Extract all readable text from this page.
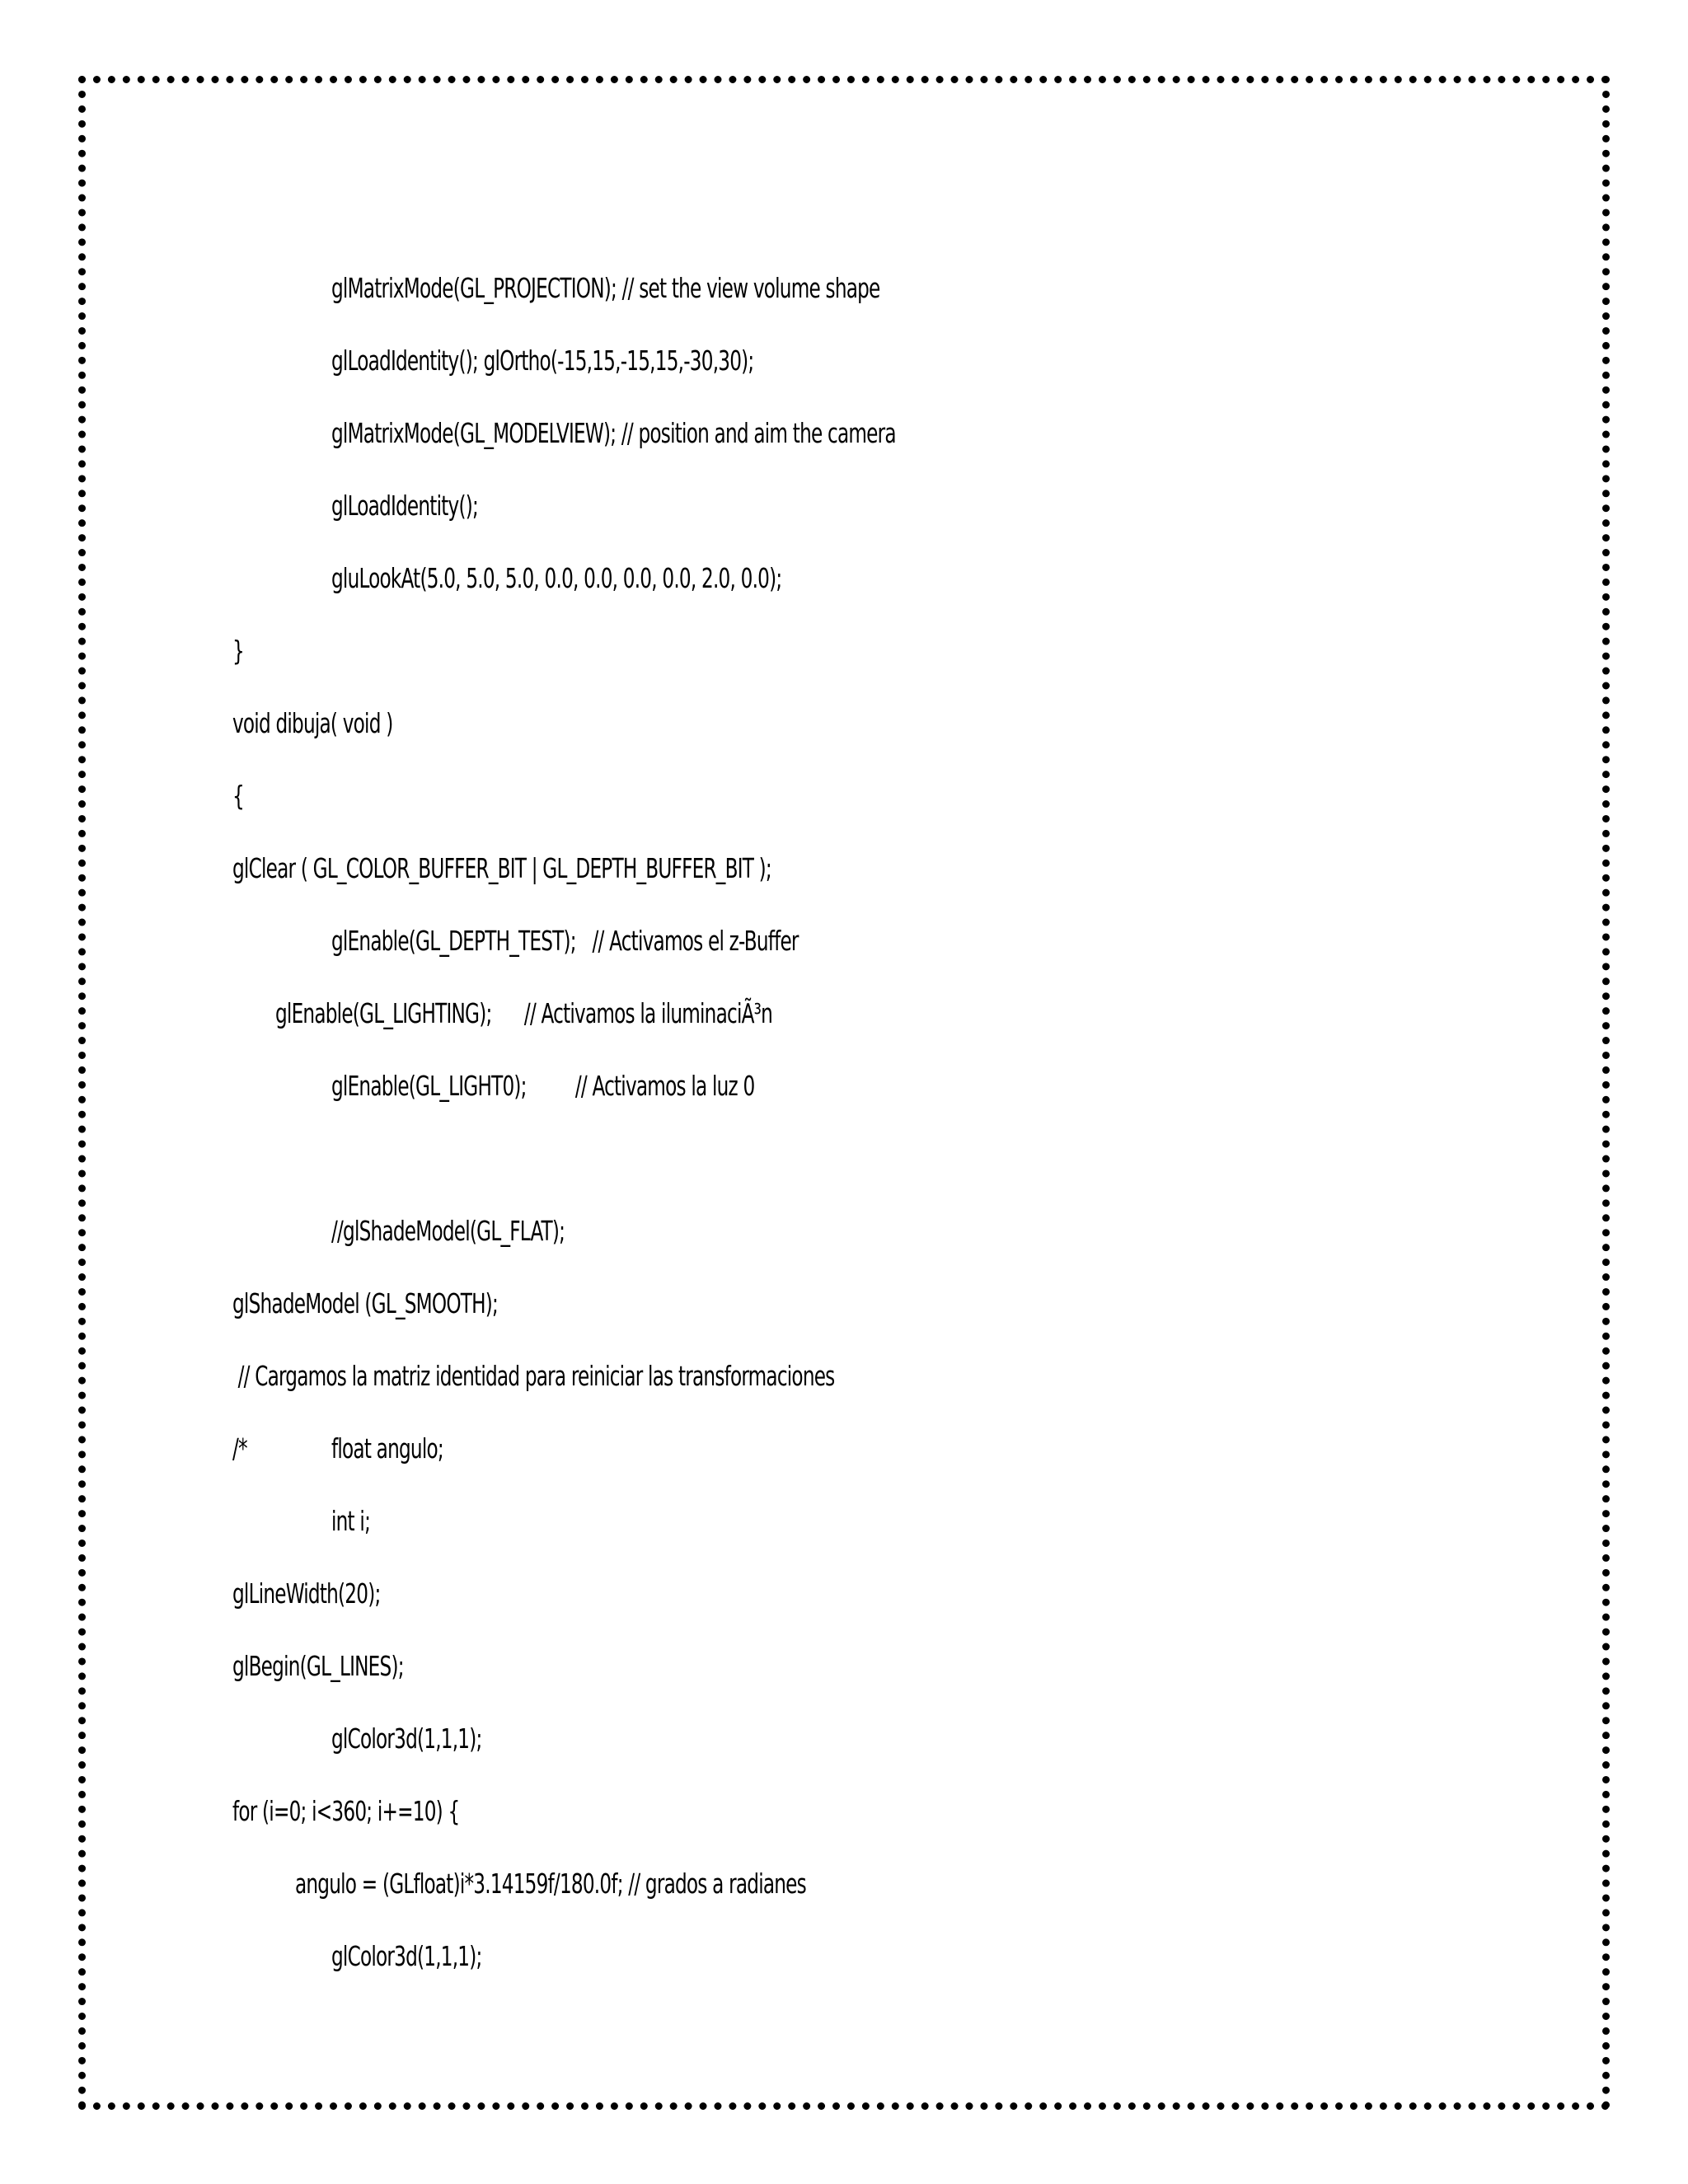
glMatrixMode(GL_PROJECTION); // set the view volume shape
glLoadIdentity(); glOrtho(-15,15,-15,15,-30,30);
glMatrixMode(GL_MODELVIEW); // position and aim the camera
glLoadIdentity();
gluLookAt(5.0, 5.0, 5.0, 0.0, 0.0, 0.0, 0.0, 2.0, 0.0);
}
void dibuja( void )
{
glClear ( GL_COLOR_BUFFER_BIT | GL_DEPTH_BUFFER_BIT );
glEnable(GL_DEPTH_TEST);   // Activamos el z-Buffer
glEnable(GL_LIGHTING);      // Activamos la iluminaciÃ³n
glEnable(GL_LIGHT0);         // Activamos la luz 0
//glShadeModel(GL_FLAT);
glShadeModel (GL_SMOOTH);
// Cargamos la matriz identidad para reiniciar las transformaciones
/*	float angulo;
int i;
glLineWidth(20);
glBegin(GL_LINES);
glColor3d(1,1,1);
for (i=0; i<360; i+=10) {
angulo = (GLfloat)i*3.14159f/180.0f; // grados a radianes
glColor3d(1,1,1);
